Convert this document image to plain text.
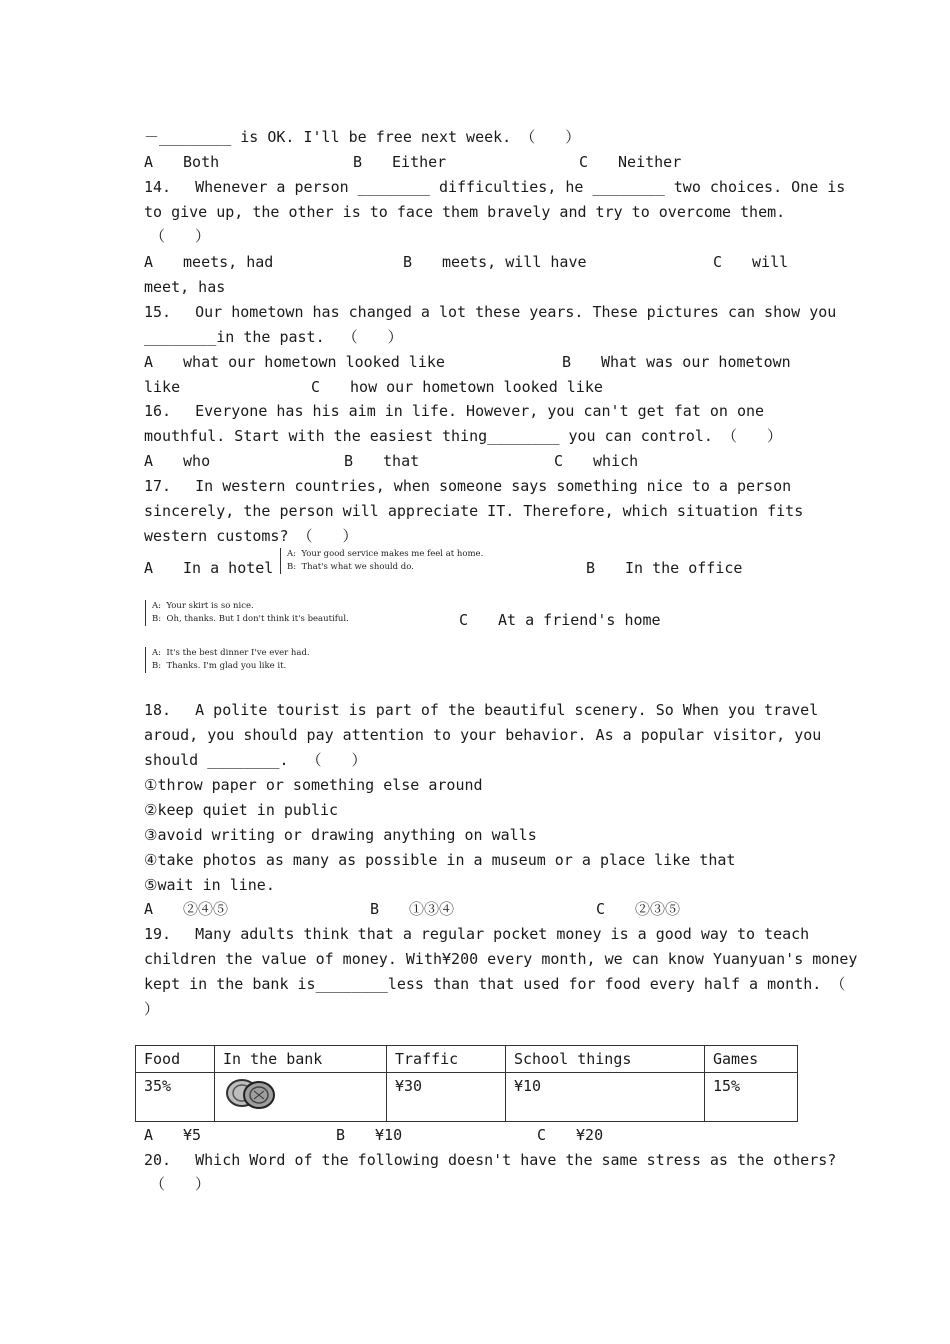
－________ is OK. I'll be free next week. （　　）
A　　Both	B　　Either	C　　Neither
14.　 Whenever a person ________ difficulties, he ________ two choices. One is
to give up, the other is to face them bravely and try to overcome them.
（　　）
A　　meets, had	B　　meets, will have	C　　will
meet, has
15.　 Our hometown has changed a lot these years. These pictures can show you
________in the past.  （　　）
A　　what our hometown looked like	B　　What was our hometown
like	C　　how our hometown looked like
16.　 Everyone has his aim in life. However, you can't get fat on one
mouthful. Start with the easiest thing________ you can control. （　　）
A　　who	B　　that	C　　which
17.　 In western countries, when someone says something nice to a person
sincerely, the person will appreciate IT. Therefore, which situation fits
western customs? （　　）
A　　In a hotel
A:  Your good service makes me feel at home.
B:  That's what we should do.	B　　In the office
A:  Your skirt is so nice.
B:  Oh, thanks. But I don't think it's beautiful.	C　　At a friend's home
A:  It's the best dinner I've ever had.
B:  Thanks. I'm glad you like it.
18.　 A polite tourist is part of the beautiful scenery. So When you travel
aroud, you should pay attention to your behavior. As a popular visitor, you
should ________.  （　　）
①throw paper or something else around
②keep quiet in public
③avoid writing or drawing anything on walls
④take photos as many as possible in a museum or a place like that
⑤wait in line.
A　　②④⑤	B　　①③④	C　　②③⑤
19.　 Many adults think that a regular pocket money is a good way to teach
children the value of money. With¥200 every month, we can know Yuanyuan's money
kept in the bank is________less than that used for food every half a month. （
）
Food	In the bank	Traffic	School things	Games
35%		¥30	¥10	15%
A　　¥5	B　　¥10	C　　¥20
20.　 Which Word of the following doesn't have the same stress as the others?
（　　）
